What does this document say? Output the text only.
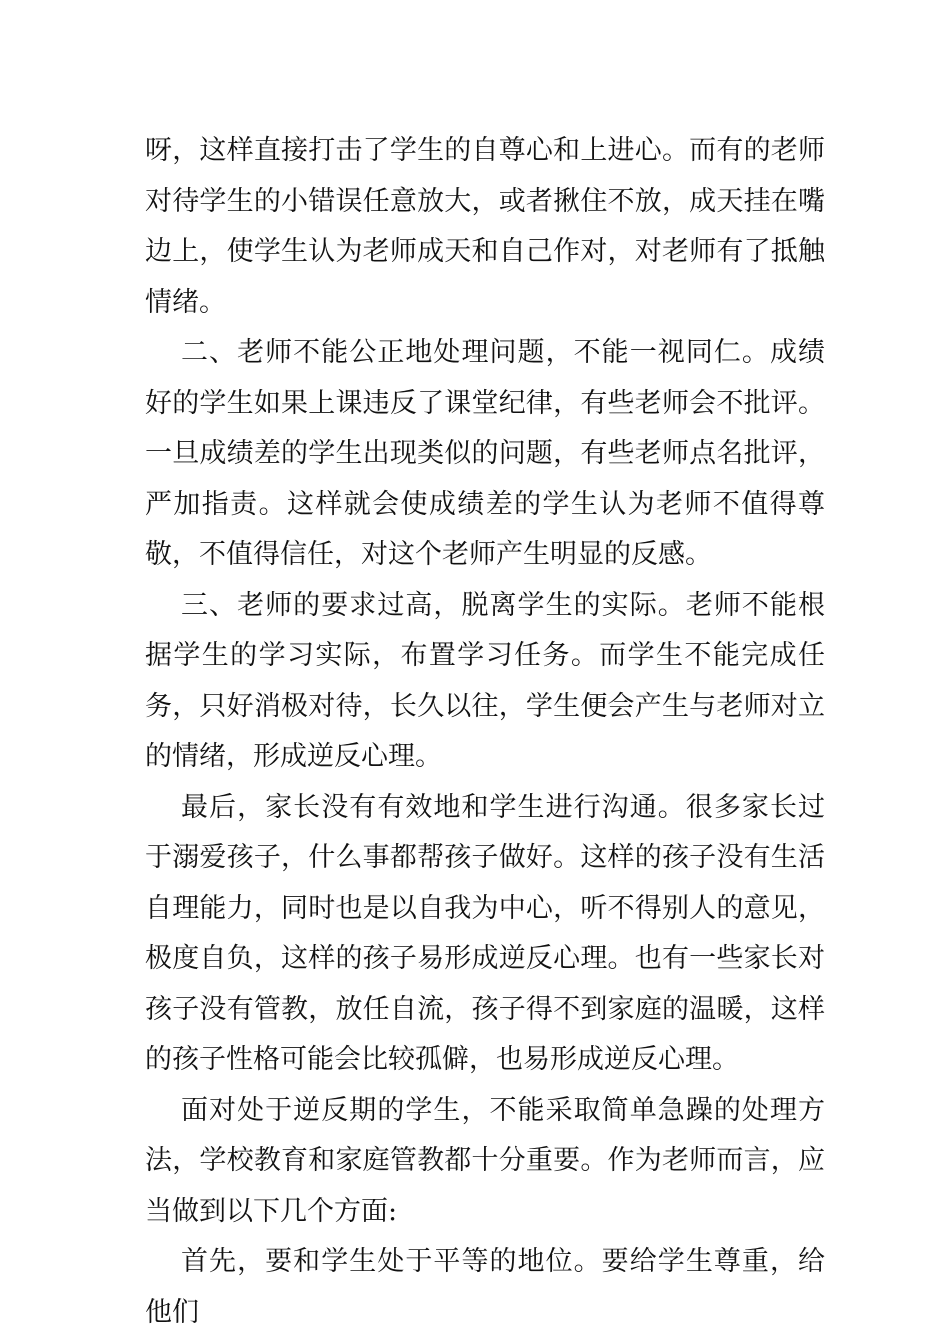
呀，这样直接打击了学生的自尊心和上进心。而有的老师对待学生的小错误任意放大，或者揪住不放，成天挂在嘴边上，使学生认为老师成天和自己作对，对老师有了抵触情绪。

二、老师不能公正地处理问题，不能一视同仁。成绩好的学生如果上课违反了课堂纪律，有些老师会不批评。一旦成绩差的学生出现类似的问题，有些老师点名批评，严加指责。这样就会使成绩差的学生认为老师不值得尊敬，不值得信任，对这个老师产生明显的反感。

三、老师的要求过高，脱离学生的实际。老师不能根据学生的学习实际，布置学习任务。而学生不能完成任务，只好消极对待，长久以往，学生便会产生与老师对立的情绪，形成逆反心理。

最后，家长没有有效地和学生进行沟通。很多家长过于溺爱孩子，什么事都帮孩子做好。这样的孩子没有生活自理能力，同时也是以自我为中心，听不得别人的意见，极度自负，这样的孩子易形成逆反心理。也有一些家长对孩子没有管教，放任自流，孩子得不到家庭的温暖，这样的孩子性格可能会比较孤僻，也易形成逆反心理。

面对处于逆反期的学生，不能采取简单急躁的处理方法，学校教育和家庭管教都十分重要。作为老师而言，应当做到以下几个方面:

首先，要和学生处于平等的地位。要给学生尊重，给他们
